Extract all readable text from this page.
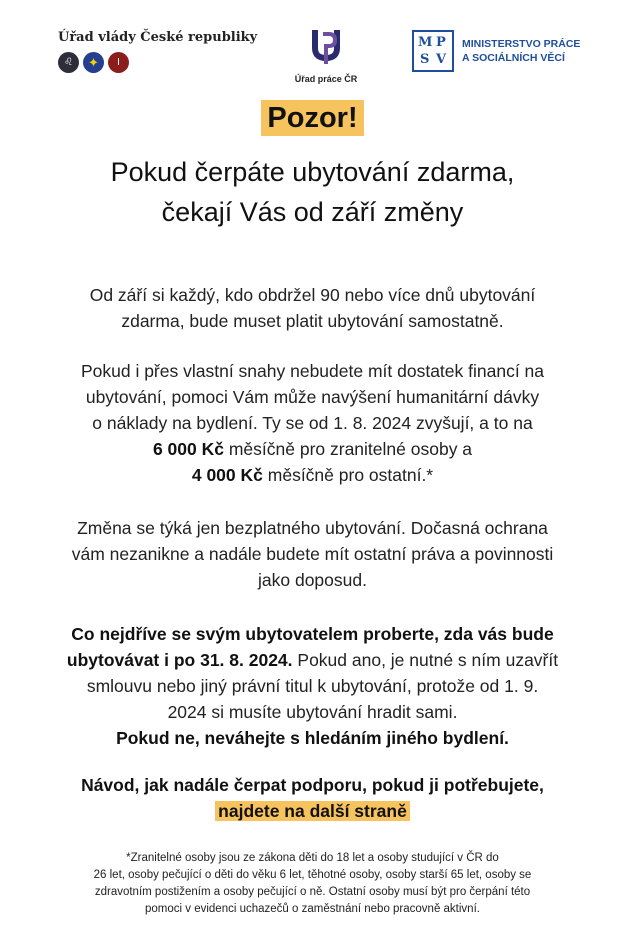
Úřad vlády České republiky
♌	✦	Ⅰ
Úřad práce ČR
M P
S V
MINISTERSTVO PRÁCE
A SOCIÁLNÍCH VĚCÍ
Pozor!
Pokud čerpáte ubytování zdarma,
čekají Vás od září změny
Od září si každý, kdo obdržel 90 nebo více dnů ubytování
zdarma, bude muset platit ubytování samostatně.
Pokud i přes vlastní snahy nebudete mít dostatek financí na
ubytování, pomoci Vám může navýšení humanitární dávky
o náklady na bydlení. Ty se od 1. 8. 2024 zvyšují, a to na
6 000 Kč měsíčně pro zranitelné osoby a
4 000 Kč měsíčně pro ostatní.*
Změna se týká jen bezplatného ubytování. Dočasná ochrana
vám nezanikne a nadále budete mít ostatní práva a povinnosti
jako doposud.
Co nejdříve se svým ubytovatelem proberte, zda vás bude
ubytovávat i po 31. 8. 2024. Pokud ano, je nutné s ním uzavřít
smlouvu nebo jiný právní titul k ubytování, protože od 1. 9.
2024 si musíte ubytování hradit sami.
Pokud ne, neváhejte s hledáním jiného bydlení.
Návod, jak nadále čerpat podporu, pokud ji potřebujete,
najdete na další straně
*Zranitelné osoby jsou ze zákona děti do 18 let a osoby studující v ČR do
26 let, osoby pečující o děti do věku 6 let, těhotné osoby, osoby starší 65 let, osoby se
zdravotním postižením a osoby pečující o ně. Ostatní osoby musí být pro čerpání této
pomoci v evidenci uchazečů o zaměstnání nebo pracovně aktivní.
